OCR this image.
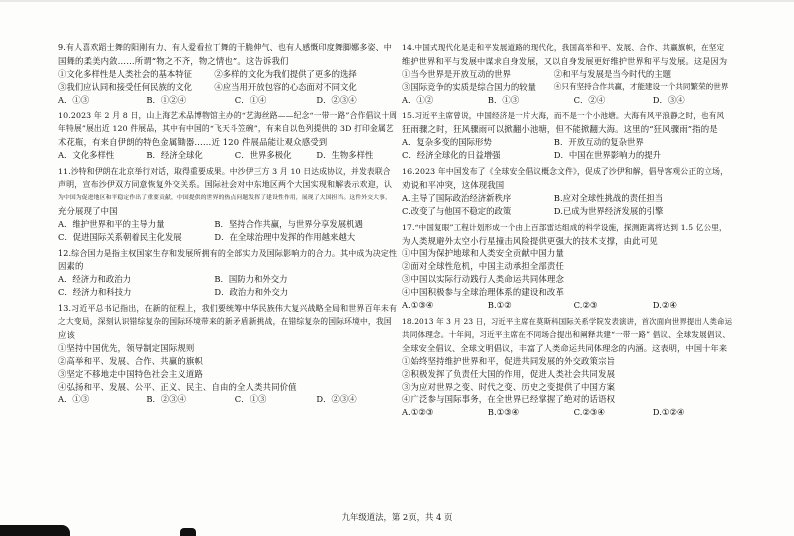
9.有人喜欢蹈士舞的阳刚有力、有人爱看拉丁舞的干脆伸气、也有人感慨印度舞脚娜多姿、中
国舞的柔美内敛……所谓“物之不齐，物之情也”。这告诉我们
①文化多样性是人类社会的基本特征	②多样的文化为我们提供了更多的选择
③我们应认同和接受任何民族的文化	④应当用开放包容的心态面对不同文化
A．①③	B．①②④	C．①④	D．②③④
10.2023 年 2 月 8 日，山上海艺术品博物馆主办的“艺海丝路——纪念“一带一路”合作倡议十周
年特展”展出近 120 件展品，其中有中国的“飞天斗笠碗”，有来自以色列提供的 3D 打印金属艺
术花瓶，有来自伊朗的特色金属锄器……近 120 件展品能让观众感受到
A．文化多样性	B．经济全球化	C．世界多极化	D．生物多样性
11.沙特和伊朗在北京举行对话，取得重要成果。中沙伊三方 3 月 10 日达成协议，并发表联合
声明，宣布沙伊双方同意恢复外交关系。国际社会对中东地区两个大国实现和解表示欢迎，认
为中国为促进地区和平稳定作出了重要贡献，中国提供的世界的热点问题发挥了建设性作用，展现了大国担当。这件外交大事，
充分展现了中国
A．维护世界和平的主导力量	B．坚持合作共赢，与世界分享发展机遇
C．促进国际关系朝着民主化发展	D．在全球治理中发挥的作用越来越大
12.综合国力是指主权国家生存和发展所拥有的全部实力及国际影响力的合力。其中成为决定性
因素的
A．经济力和政治力	B．国防力和外交力
C．经济力和科技力	D．政治力和外交力
13.习近平总书记指出，在新的征程上，我们要统筹中华民族伟大复兴战略全局和世界百年未有
之大变局，深刻认识错综复杂的国际环境带来的新矛盾新挑战，在错综复杂的国际环境中，我国
应该
①坚持中国优先，领导制定国际规则
②高举和平、发展、合作、共赢的旗帜
③坚定不移地走中国特色社会主义道路
④弘扬和平、发展、公平、正义、民主、自由的全人类共同价值
A．①③	B．②③④	C．①③	D．②③④
14.中国式现代化是走和平发展道路的现代化，我国高举和平、发展、合作、共赢旗帜，在坚定
维护世界和平与发展中谋求自身发展，又以自身发展更好维护世界和平与发展。这是因为
①当今世界是开放互动的世界	②和平与发展是当今时代的主题
③国际竞争的实质是综合国力的较量 ④只有坚持合作共赢，才能建设一个共同繁荣的世界
A．①②	B．①③	C．②④	D．③④
15.习近平主席曾说，中国经济是一片大海，而不是一个小池塘。大海有风平浪静之时，也有风
狂雨骤之时，狂风骤雨可以掀翻小池塘，但不能掀翻大海。这里的“狂风骤雨”指的是
A．复杂多变的国际形势	B．开放互动的复杂世界
C．经济全球化的日益增强	D．中国在世界影响力的提升
16.2023 年中国发布了《全球安全倡议概念文件》，促成了沙伊和解，倡导客观公正的立场，
劝说和平冲突，这体现我国
A.主导了国际政治经济新秩序	B.应对全球性挑战的责任担当
C.改变了与他国不稳定的政策	D.已成为世界经济发展的引擎
17.“中国复眼”工程计划形成一个由上百部雷达组成的科学设施，探测距离将达到 1.5 亿公里，
为人类规避外太空小行星撞击风险提供更强大的技术支撑，由此可见
①中国为保护地球和人类安全贡献中国力量
②面对全球性危机，中国主动承担全部责任
③中国以实际行动践行人类命运共同体理念
④中国积极参与全球治理体系的建设和改革
A.①③④	B.①②	C.②③	D.②④
18.2013 年 3 月 23 日，习近平主席在莫斯科国际关系学院发表演讲，首次面向世界提出人类命运
共同体理念。十年间，习近平主席在不同场合提出和阐释共建“一带一路” 倡议、全球发展倡议、
全球安全倡议、全球文明倡议，丰富了人类命运共同体理念的内涵。这表明，中国十年来
①始终坚持维护世界和平，促进共同发展的外交政策宗旨
②积极发挥了负责任大国的作用，促进人类社会共同发展
③为应对世界之变、时代之变、历史之变提供了中国方案
④广泛参与国际事务，在全世界已经掌握了绝对的话语权
A.①②③	B.①③④	C.②③④	D.①②④
九年级道法，第 2页，共 4 页
